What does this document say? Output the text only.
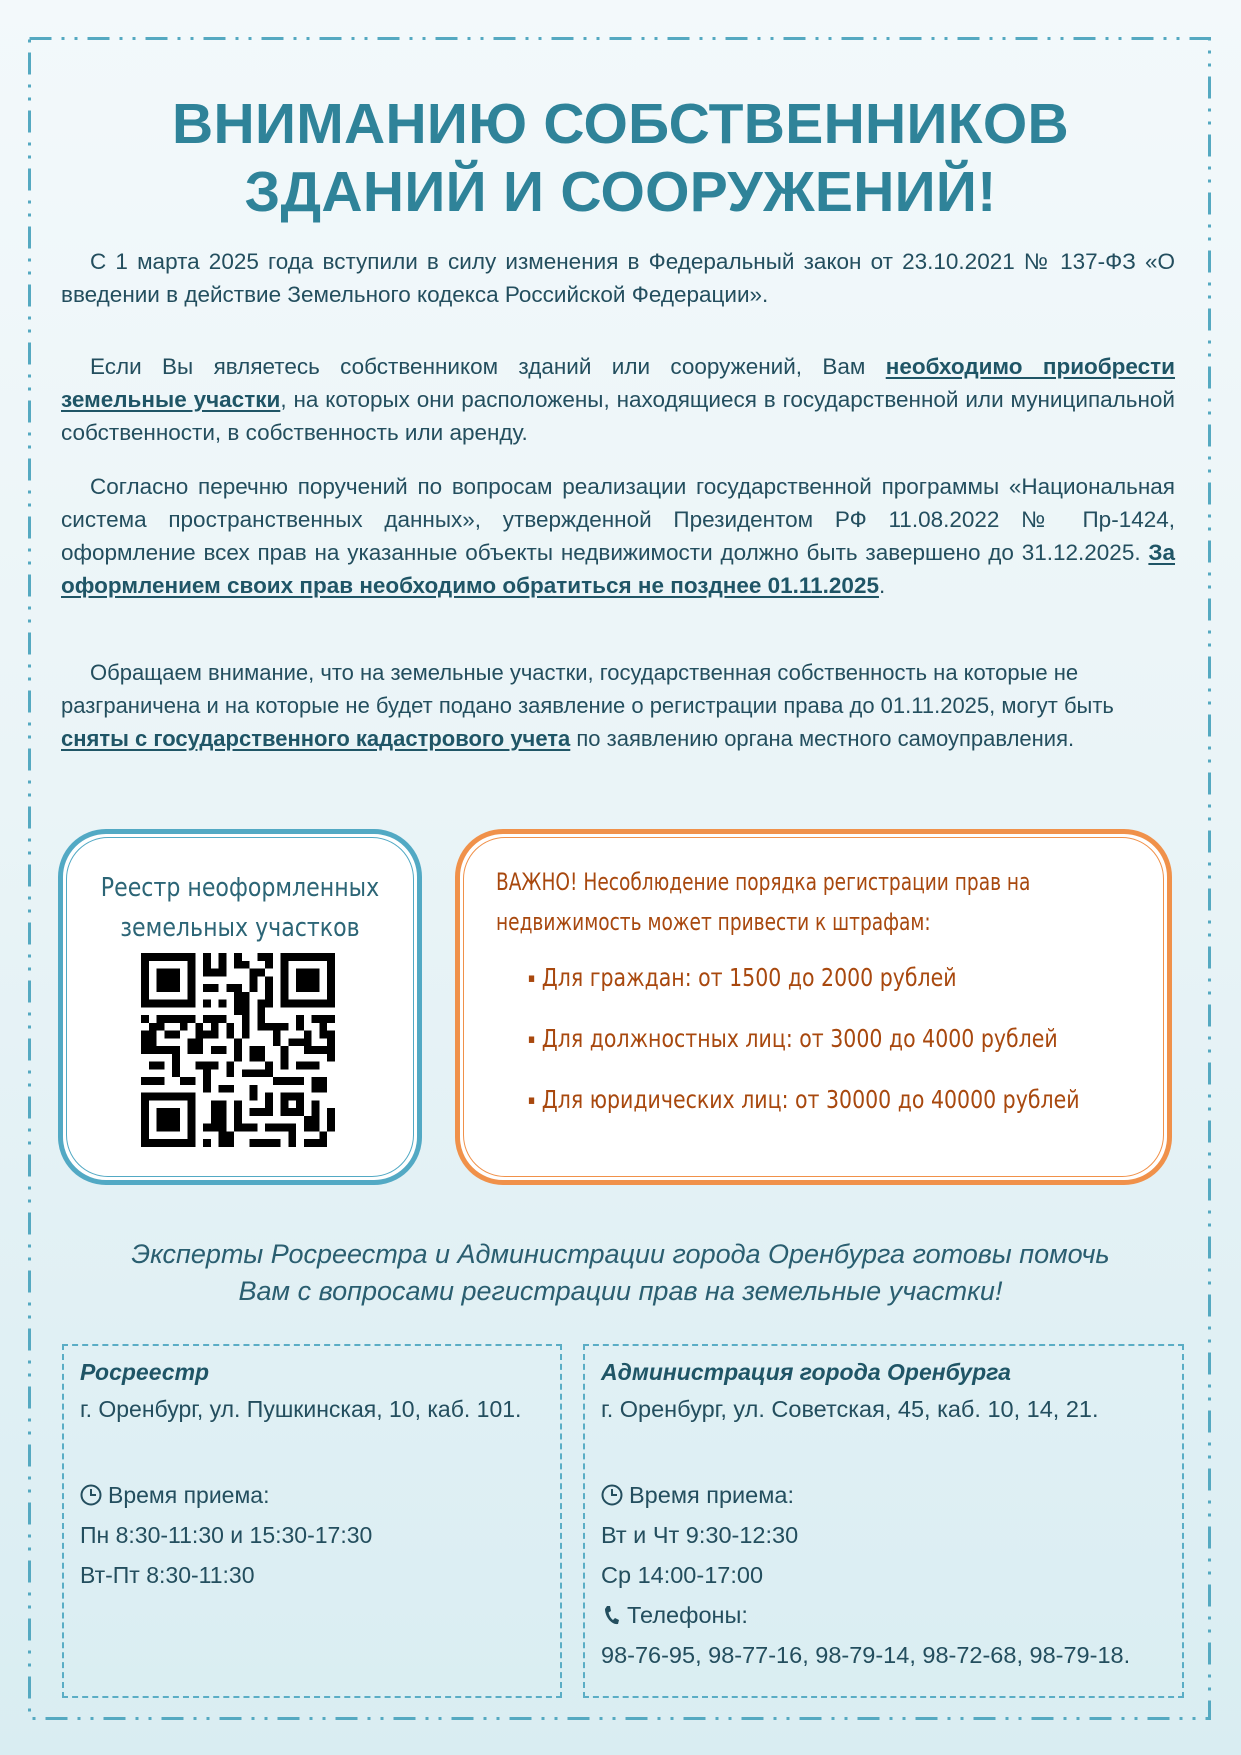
ВНИМАНИЮ СОБСТВЕННИКОВ
ЗДАНИЙ И СООРУЖЕНИЙ!

С 1 марта 2025 года вступили в силу изменения в Федеральный закон от 23.10.2021 № 137-ФЗ «О введении в действие Земельного кодекса Российской Федерации».

Если Вы являетесь собственником зданий или сооружений, Вам необходимо приобрести земельные участки, на которых они расположены, находящиеся в государственной или муниципальной собственности, в собственность или аренду.

Согласно перечню поручений по вопросам реализации государственной программы «Национальная система пространственных данных», утвержденной Президентом РФ 11.08.2022 № Пр-1424, оформление всех прав на указанные объекты недвижимости должно быть завершено до 31.12.2025. За оформлением своих прав необходимо обратиться не позднее 01.11.2025.

Обращаем внимание, что на земельные участки, государственная собственность на которые не разграничена и на которые не будет подано заявление о регистрации права до 01.11.2025, могут быть сняты с государственного кадастрового учета по заявлению органа местного самоуправления.

Реестр неоформленных
земельных участков
ВАЖНО! Несоблюдение порядка регистрации прав на недвижимость может привести к штрафам:
▪ Для граждан: от 1500 до 2000 рублей
▪ Для должностных лиц: от 3000 до 4000 рублей
▪ Для юридических лиц: от 30000 до 40000 рублей
Эксперты Росреестра и Администрации города Оренбурга готовы помочь
Вам с вопросами регистрации прав на земельные участки!
Росреестр
г. Оренбург, ул. Пушкинская, 10, каб. 101.
Время приема:
Пн 8:30-11:30 и 15:30-17:30
Вт-Пт 8:30-11:30
Администрация города Оренбурга
г. Оренбург, ул. Советская, 45, каб. 10, 14, 21.
Время приема:
Вт и Чт 9:30-12:30
Ср 14:00-17:00
Телефоны:
98-76-95, 98-77-16, 98-79-14, 98-72-68, 98-79-18.
